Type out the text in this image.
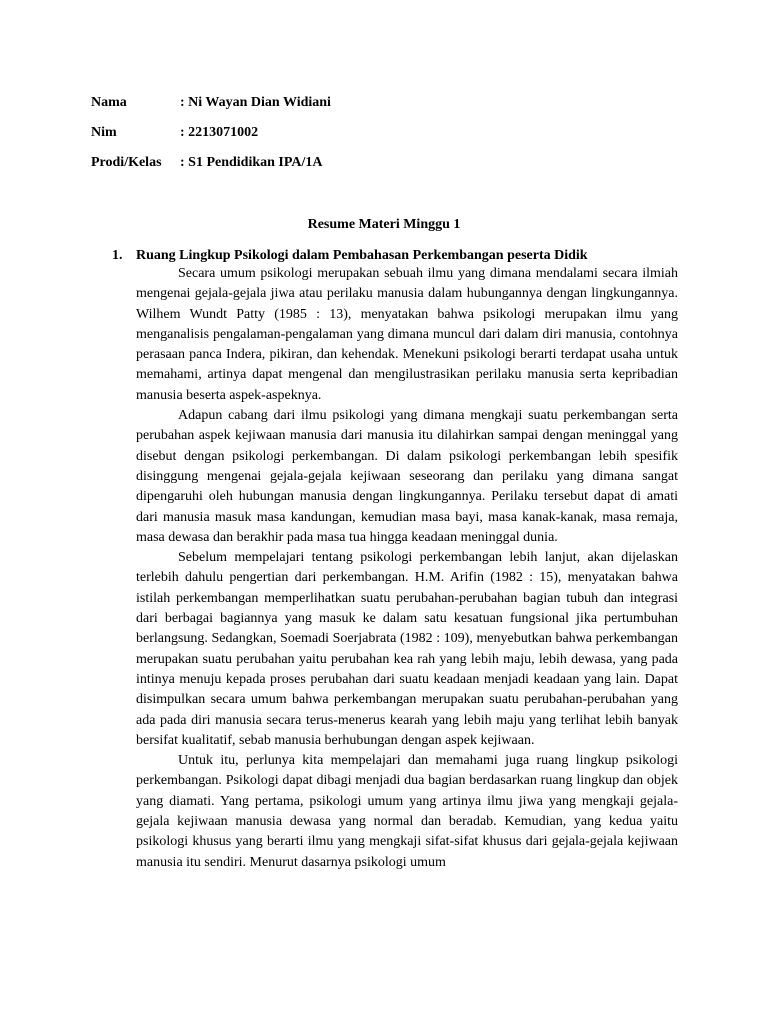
Nama	: Ni Wayan Dian Widiani
Nim	: 2213071002
Prodi/Kelas : S1 Pendidikan IPA/1A
Resume Materi Minggu 1
1. Ruang Lingkup Psikologi dalam Pembahasan Perkembangan peserta Didik

Secara umum psikologi merupakan sebuah ilmu yang dimana mendalami secara ilmiah mengenai gejala-gejala jiwa atau perilaku manusia dalam hubungannya dengan lingkungannya. Wilhem Wundt Patty (1985 : 13), menyatakan bahwa psikologi merupakan ilmu yang menganalisis pengalaman-pengalaman yang dimana muncul dari dalam diri manusia, contohnya perasaan panca Indera, pikiran, dan kehendak. Menekuni psikologi berarti terdapat usaha untuk memahami, artinya dapat mengenal dan mengilustrasikan perilaku manusia serta kepribadian manusia beserta aspek-aspeknya.

Adapun cabang dari ilmu psikologi yang dimana mengkaji suatu perkembangan serta perubahan aspek kejiwaan manusia dari manusia itu dilahirkan sampai dengan meninggal yang disebut dengan psikologi perkembangan. Di dalam psikologi perkembangan lebih spesifik disinggung mengenai gejala-gejala kejiwaan seseorang dan perilaku yang dimana sangat dipengaruhi oleh hubungan manusia dengan lingkungannya. Perilaku tersebut dapat di amati dari manusia masuk masa kandungan, kemudian masa bayi, masa kanak-kanak, masa remaja, masa dewasa dan berakhir pada masa tua hingga keadaan meninggal dunia.

Sebelum mempelajari tentang psikologi perkembangan lebih lanjut, akan dijelaskan terlebih dahulu pengertian dari perkembangan. H.M. Arifin (1982 : 15), menyatakan bahwa istilah perkembangan memperlihatkan suatu perubahan-perubahan bagian tubuh dan integrasi dari berbagai bagiannya yang masuk ke dalam satu kesatuan fungsional jika pertumbuhan berlangsung. Sedangkan, Soemadi Soerjabrata (1982 : 109), menyebutkan bahwa perkembangan merupakan suatu perubahan yaitu perubahan kea rah yang lebih maju, lebih dewasa, yang pada intinya menuju kepada proses perubahan dari suatu keadaan menjadi keadaan yang lain. Dapat disimpulkan secara umum bahwa perkembangan merupakan suatu perubahan-perubahan yang ada pada diri manusia secara terus-menerus kearah yang lebih maju yang terlihat lebih banyak bersifat kualitatif, sebab manusia berhubungan dengan aspek kejiwaan.

Untuk itu, perlunya kita mempelajari dan memahami juga ruang lingkup psikologi perkembangan. Psikologi dapat dibagi menjadi dua bagian berdasarkan ruang lingkup dan objek yang diamati. Yang pertama, psikologi umum yang artinya ilmu jiwa yang mengkaji gejala-gejala kejiwaan manusia dewasa yang normal dan beradab. Kemudian, yang kedua yaitu psikologi khusus yang berarti ilmu yang mengkaji sifat-sifat khusus dari gejala-gejala kejiwaan manusia itu sendiri. Menurut dasarnya psikologi umum
